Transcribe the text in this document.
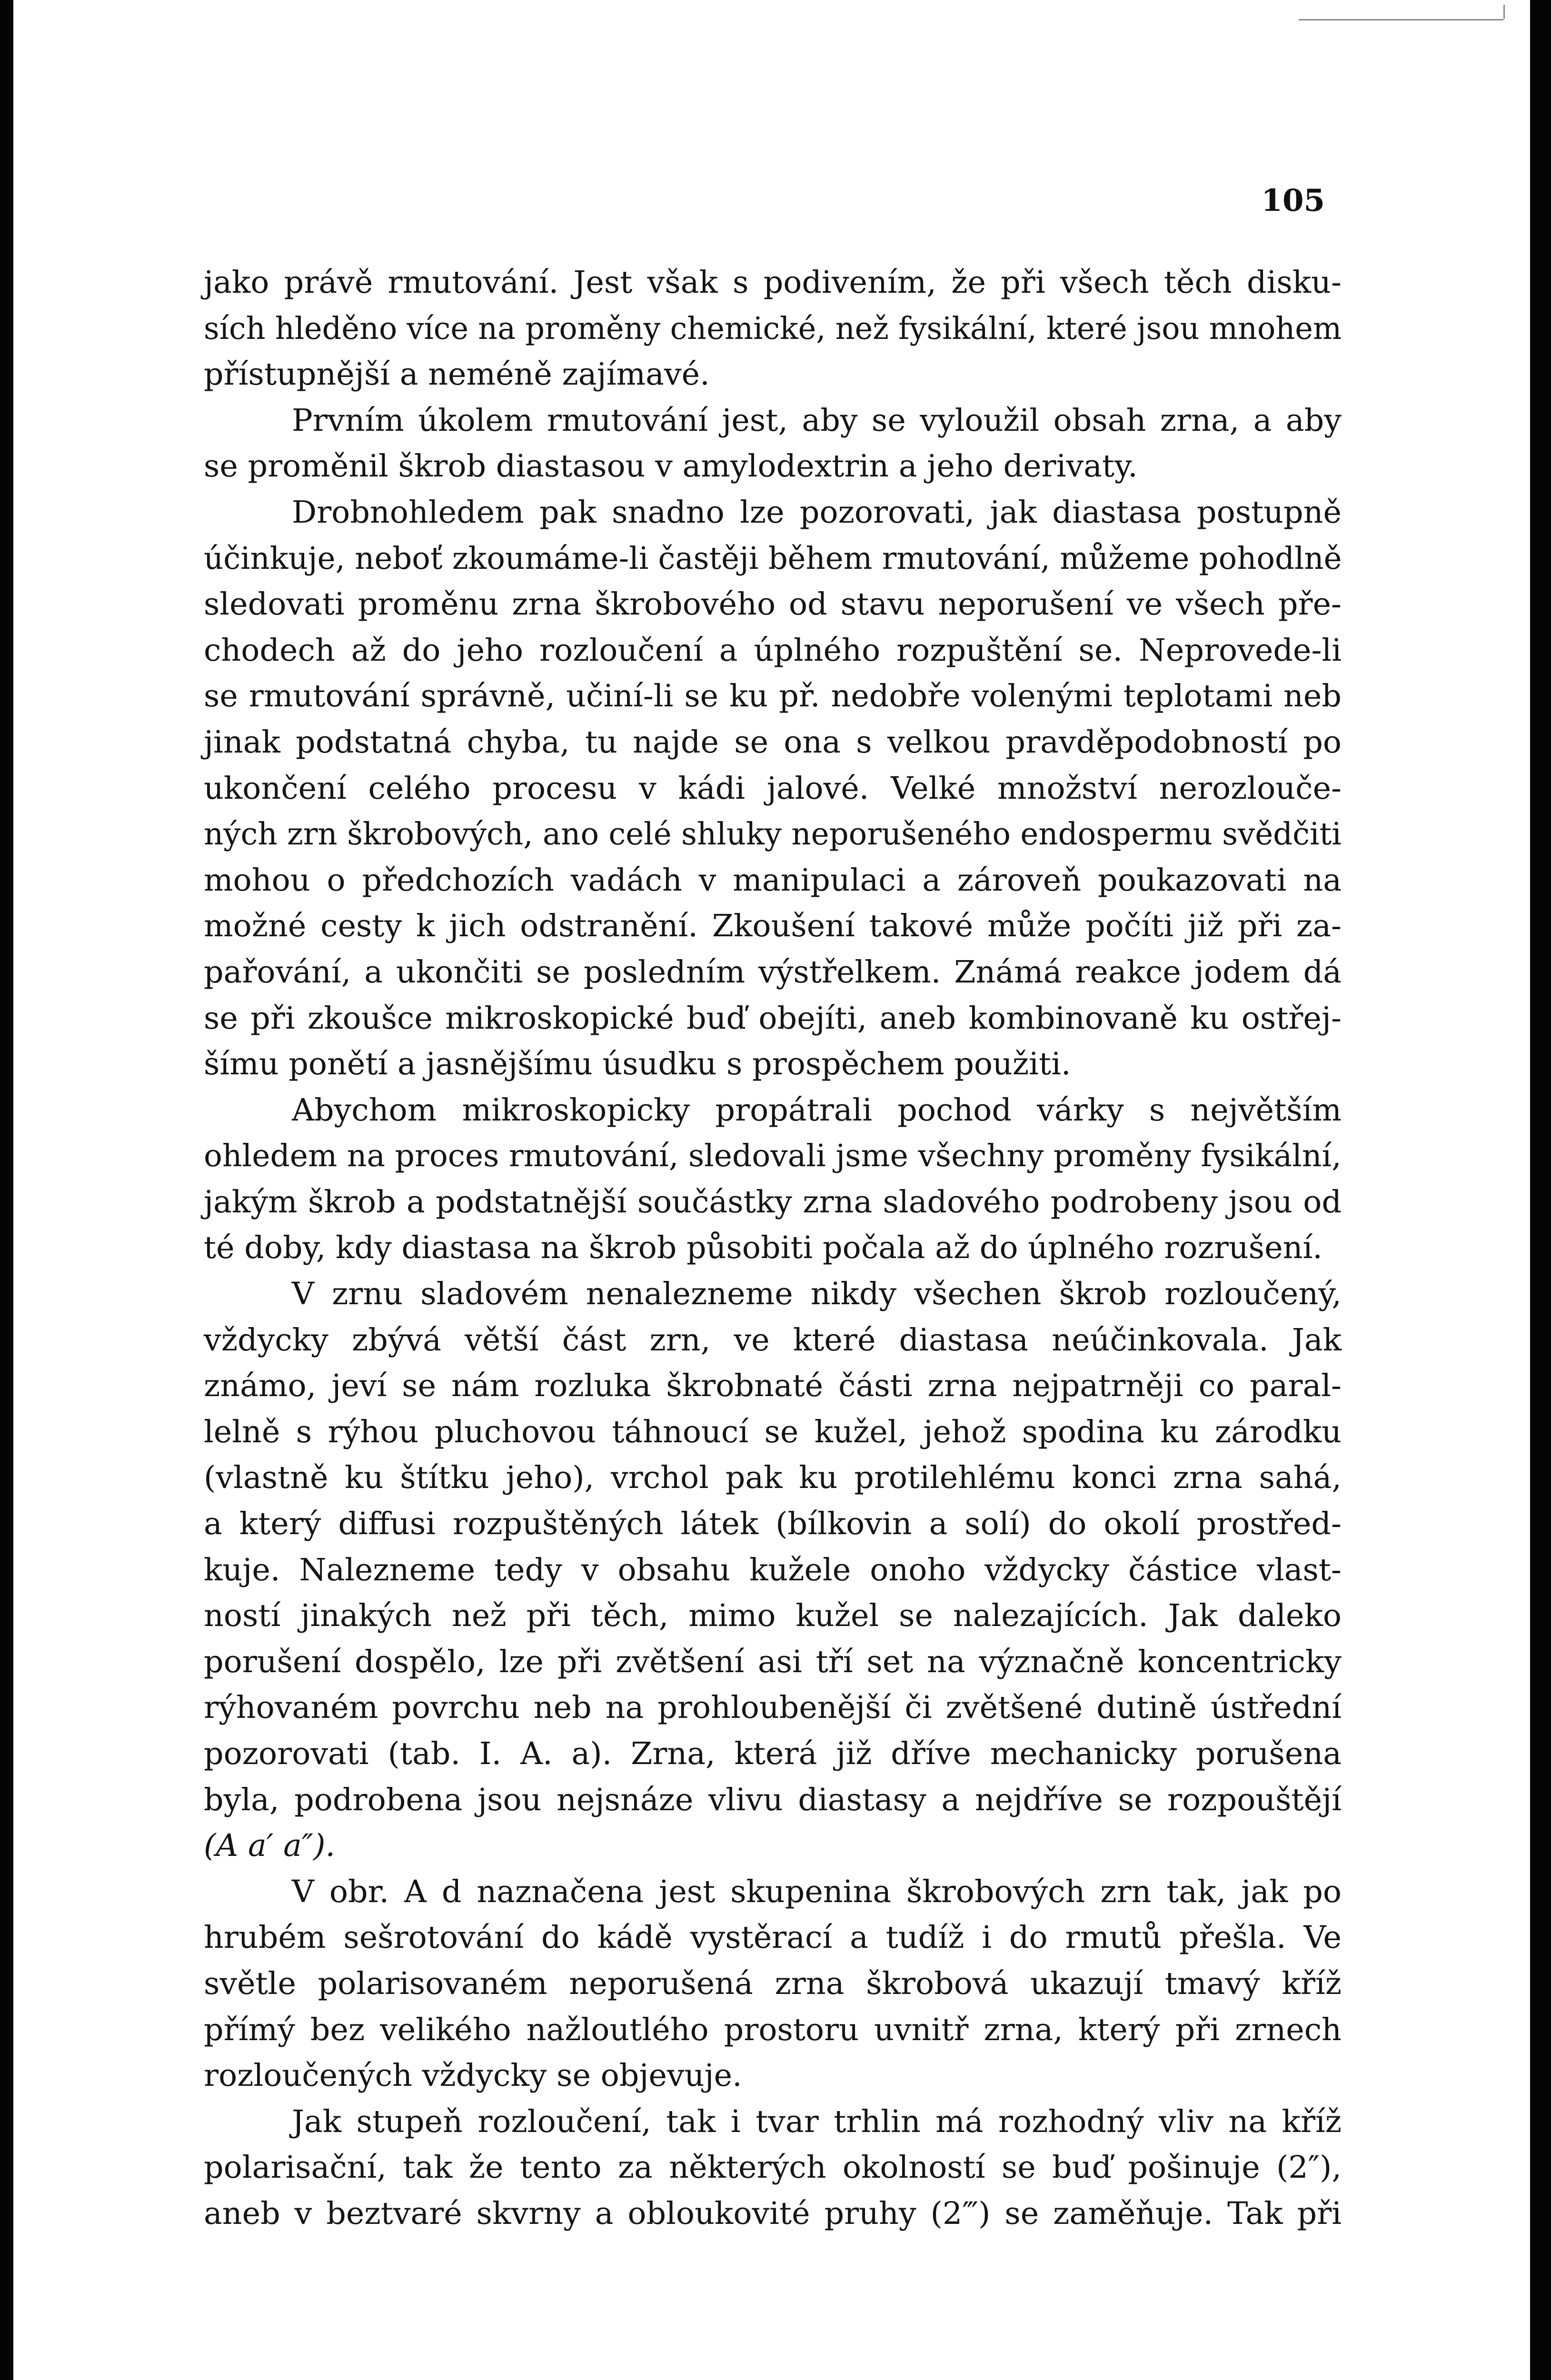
105
jako právě rmutování. Jest však s podivením, že při všech těch disku-
sích hleděno více na proměny chemické, než fysikální, které jsou mnohem
přístupnější a neméně zajímavé.
Prvním úkolem rmutování jest, aby se vyloužil obsah zrna, a aby
se proměnil škrob diastasou v amylodextrin a jeho derivaty.
Drobnohledem pak snadno lze pozorovati, jak diastasa postupně
účinkuje, neboť zkoumáme-li častěji během rmutování, můžeme pohodlně
sledovati proměnu zrna škrobového od stavu neporušení ve všech pře-
chodech až do jeho rozloučení a úplného rozpuštění se. Neprovede-li
se rmutování správně, učiní-li se ku př. nedobře volenými teplotami neb
jinak podstatná chyba, tu najde se ona s velkou pravděpodobností po
ukončení celého procesu v kádi jalové. Velké množství nerozlouče-
ných zrn škrobových, ano celé shluky neporušeného endospermu svědčiti
mohou o předchozích vadách v manipulaci a zároveň poukazovati na
možné cesty k jich odstranění. Zkoušení takové může počíti již při za-
pařování, a ukončiti se posledním výstřelkem. Známá reakce jodem dá
se při zkoušce mikroskopické buď obejíti, aneb kombinovaně ku ostřej-
šímu ponětí a jasnějšímu úsudku s prospěchem použiti.
Abychom mikroskopicky propátrali pochod várky s největším
ohledem na proces rmutování, sledovali jsme všechny proměny fysikální,
jakým škrob a podstatnější součástky zrna sladového podrobeny jsou od
té doby, kdy diastasa na škrob působiti počala až do úplného rozrušení.
V zrnu sladovém nenalezneme nikdy všechen škrob rozloučený,
vždycky zbývá větší část zrn, ve které diastasa neúčinkovala. Jak
známo, jeví se nám rozluka škrobnaté části zrna nejpatrněji co paral-
lelně s rýhou pluchovou táhnoucí se kužel, jehož spodina ku zárodku
(vlastně ku štítku jeho), vrchol pak ku protilehlému konci zrna sahá,
a který diffusi rozpuštěných látek (bílkovin a solí) do okolí prostřed-
kuje. Nalezneme tedy v obsahu kužele onoho vždycky částice vlast-
ností jinakých než při těch, mimo kužel se nalezajících. Jak daleko
porušení dospělo, lze při zvětšení asi tří set na význačně koncentricky
rýhovaném povrchu neb na prohloubenější či zvětšené dutině ústřední
pozorovati (tab. I. A. a). Zrna, která již dříve mechanicky porušena
byla, podrobena jsou nejsnáze vlivu diastasy a nejdříve se rozpouštějí
(A a′ a″).
V obr. A d naznačena jest skupenina škrobových zrn tak, jak po
hrubém sešrotování do kádě vystěrací a tudíž i do rmutů přešla. Ve
světle polarisovaném neporušená zrna škrobová ukazují tmavý kříž
přímý bez velikého nažloutlého prostoru uvnitř zrna, který při zrnech
rozloučených vždycky se objevuje.
Jak stupeň rozloučení, tak i tvar trhlin má rozhodný vliv na kříž
polarisační, tak že tento za některých okolností se buď pošinuje (2″),
aneb v beztvaré skvrny a obloukovité pruhy (2‴) se zaměňuje. Tak při
